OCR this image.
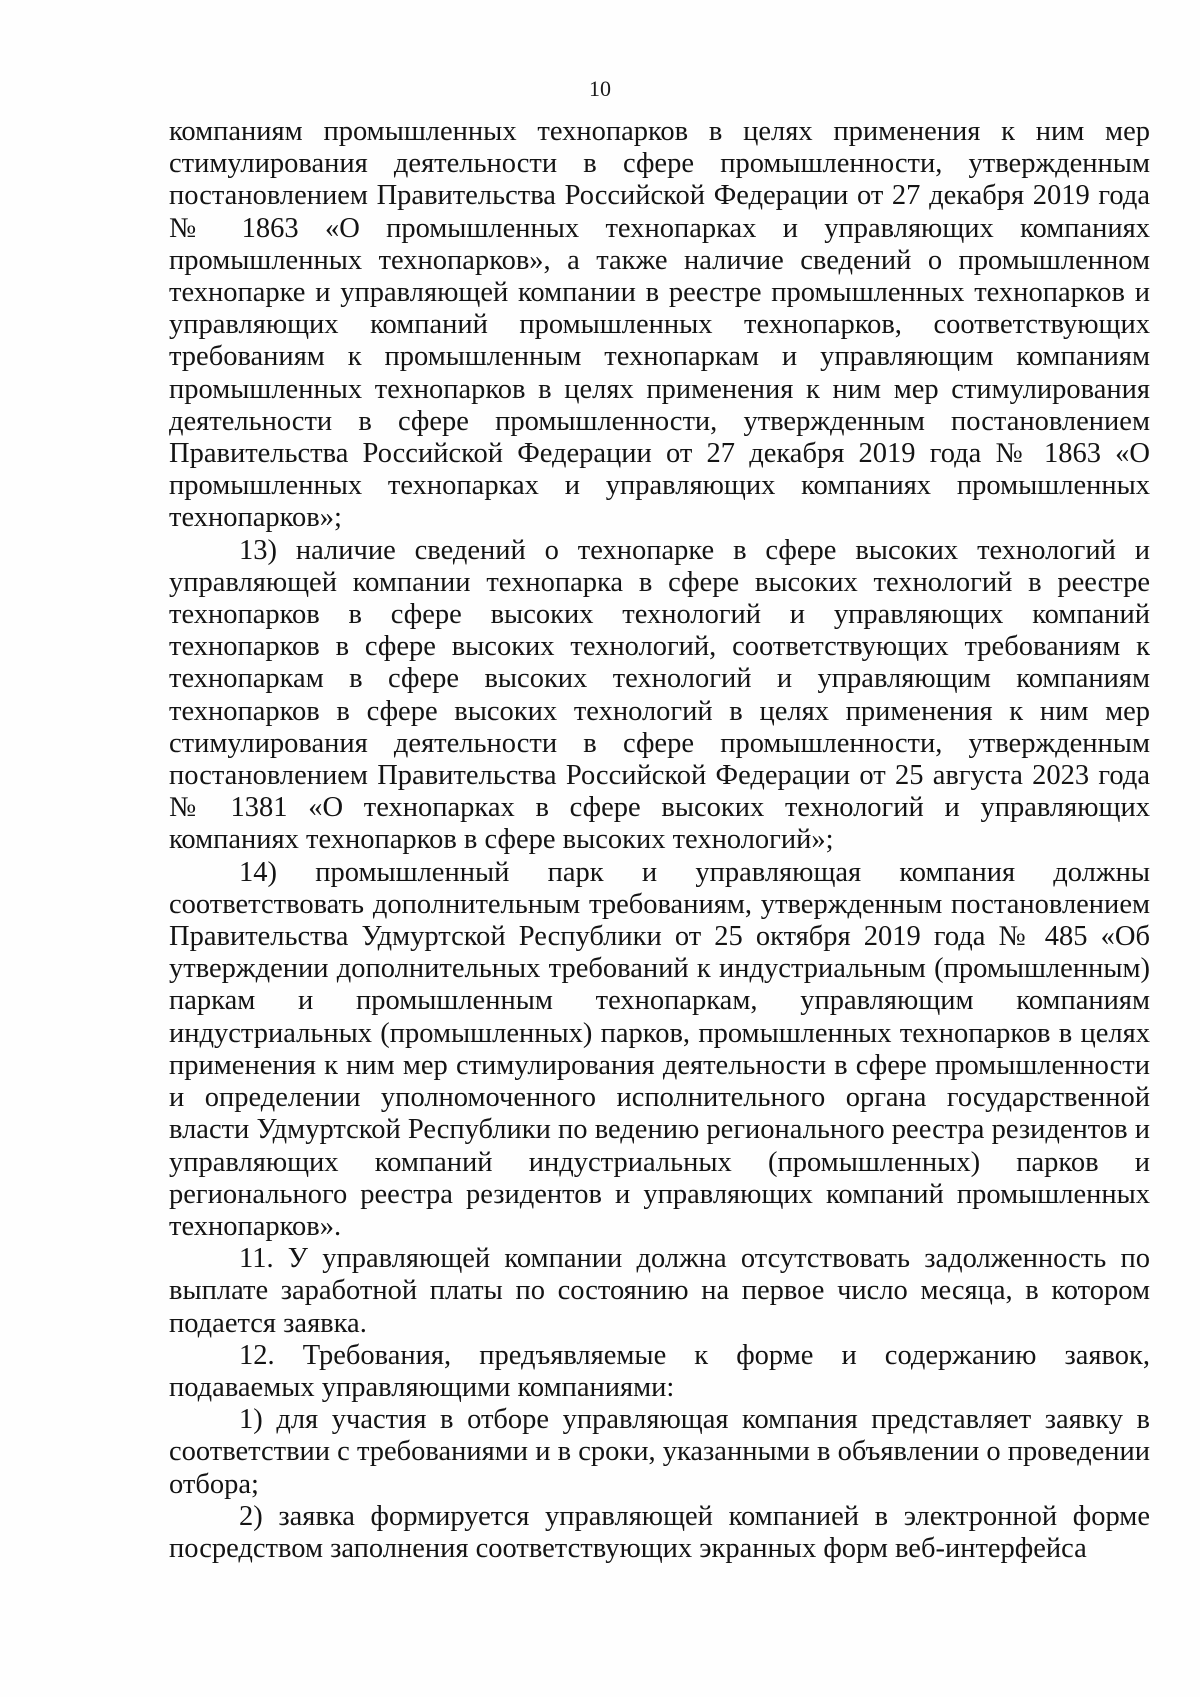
10

компаниям промышленных технопарков в целях применения к ним мер стимулирования деятельности в сфере промышленности, утвержденным постановлением Правительства Российской Федерации от 27 декабря 2019 года № 1863 «О промышленных технопарках и управляющих компаниях промышленных технопарков», а также наличие сведений о промышленном технопарке и управляющей компании в реестре промышленных технопарков и управляющих компаний промышленных технопарков, соответствующих требованиям к промышленным технопаркам и управляющим компаниям промышленных технопарков в целях применения к ним мер стимулирования деятельности в сфере промышленности, утвержденным постановлением Правительства Российской Федерации от 27 декабря 2019 года № 1863 «О промышленных технопарках и управляющих компаниях промышленных технопарков»;

13) наличие сведений о технопарке в сфере высоких технологий и управляющей компании технопарка в сфере высоких технологий в реестре технопарков в сфере высоких технологий и управляющих компаний технопарков в сфере высоких технологий, соответствующих требованиям к технопаркам в сфере высоких технологий и управляющим компаниям технопарков в сфере высоких технологий в целях применения к ним мер стимулирования деятельности в сфере промышленности, утвержденным постановлением Правительства Российской Федерации от 25 августа 2023 года № 1381 «О технопарках в сфере высоких технологий и управляющих компаниях технопарков в сфере высоких технологий»;

14) промышленный парк и управляющая компания должны соответствовать дополнительным требованиям, утвержденным постановлением Правительства Удмуртской Республики от 25 октября 2019 года № 485 «Об утверждении дополнительных требований к индустриальным (промышленным) паркам и промышленным технопаркам, управляющим компаниям индустриальных (промышленных) парков, промышленных технопарков в целях применения к ним мер стимулирования деятельности в сфере промышленности и определении уполномоченного исполнительного органа государственной власти Удмуртской Республики по ведению регионального реестра резидентов и управляющих компаний индустриальных (промышленных) парков и регионального реестра резидентов и управляющих компаний промышленных технопарков».

11. У управляющей компании должна отсутствовать задолженность по выплате заработной платы по состоянию на первое число месяца, в котором подается заявка.

12. Требования, предъявляемые к форме и содержанию заявок, подаваемых управляющими компаниями:

1) для участия в отборе управляющая компания представляет заявку в соответствии с требованиями и в сроки, указанными в объявлении о проведении отбора;

2) заявка формируется управляющей компанией в электронной форме посредством заполнения соответствующих экранных форм веб-интерфейса
